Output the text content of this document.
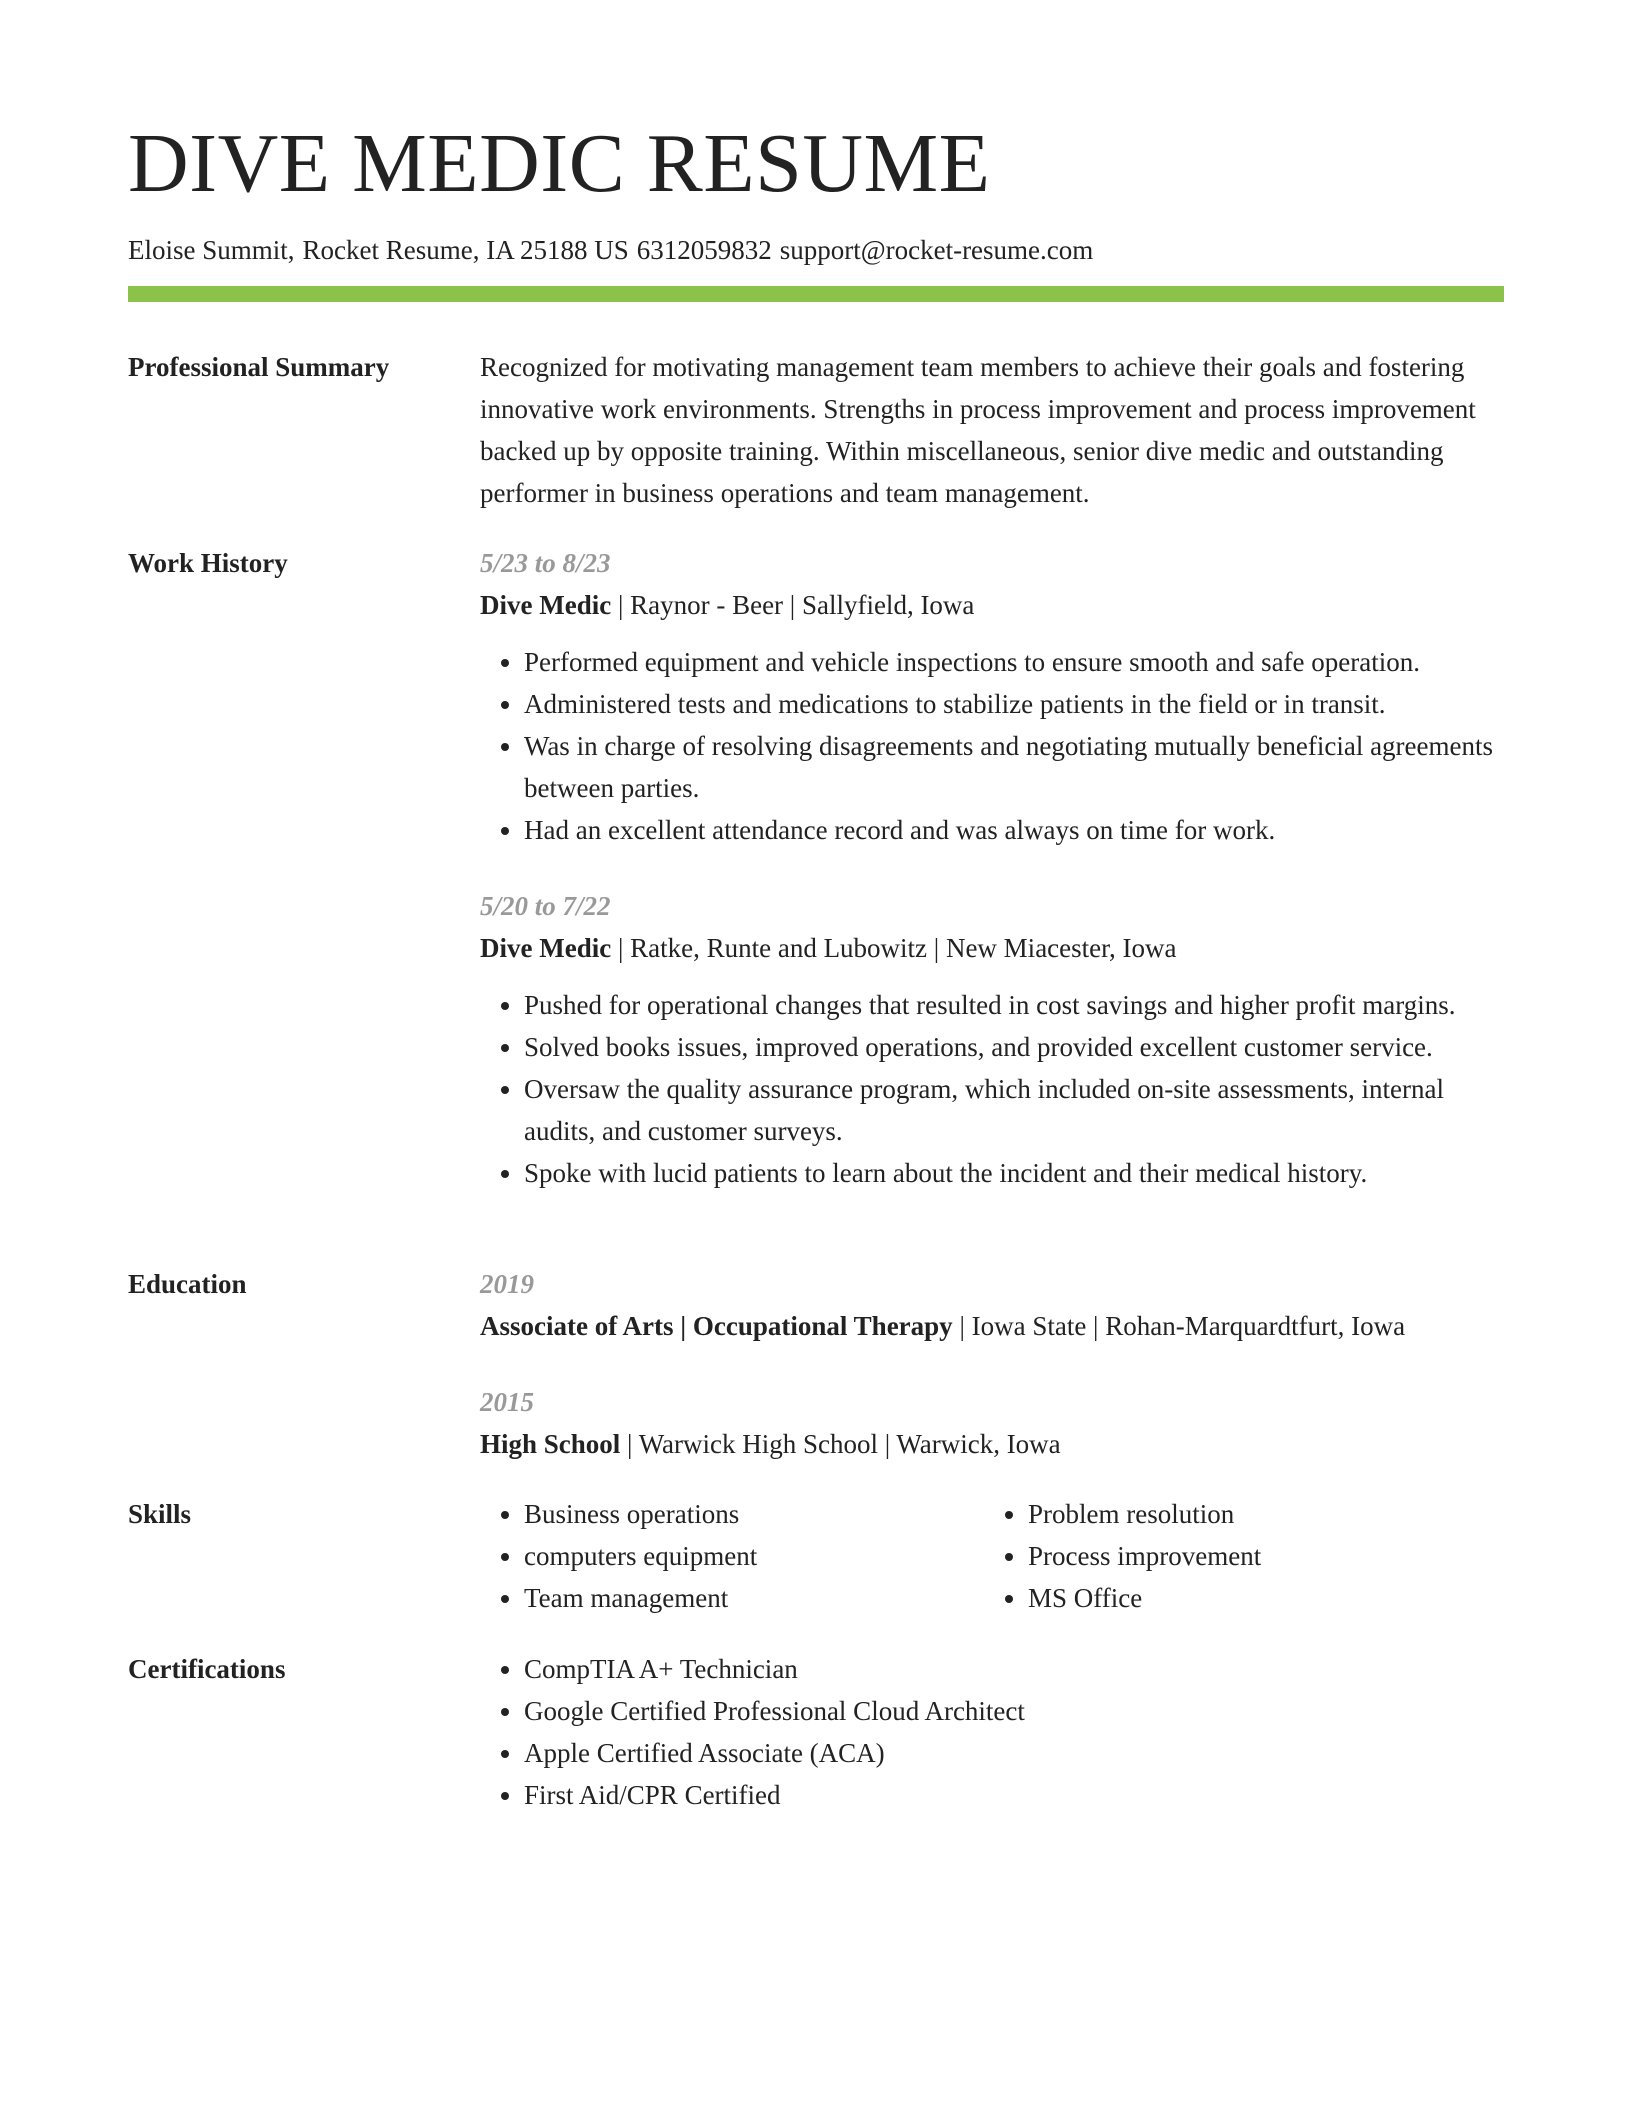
DIVE MEDIC RESUME
Eloise Summit, Rocket Resume, IA 25188 US 6312059832 support@rocket-resume.com
Professional Summary	Recognized for motivating management team members to achieve their goals and fostering innovative work environments. Strengths in process improvement and process improvement backed up by opposite training. Within miscellaneous, senior dive medic and outstanding performer in business operations and team management.

Work History	5/23 to 8/23
Dive Medic | Raynor - Beer | Sallyfield, Iowa
• Performed equipment and vehicle inspections to ensure smooth and safe operation.
• Administered tests and medications to stabilize patients in the field or in transit.
• Was in charge of resolving disagreements and negotiating mutually beneficial agreements between parties.
• Had an excellent attendance record and was always on time for work.
5/20 to 7/22
Dive Medic | Ratke, Runte and Lubowitz | New Miacester, Iowa
• Pushed for operational changes that resulted in cost savings and higher profit margins.
• Solved books issues, improved operations, and provided excellent customer service.
• Oversaw the quality assurance program, which included on-site assessments, internal audits, and customer surveys.
• Spoke with lucid patients to learn about the incident and their medical history.
Education	2019
Associate of Arts | Occupational Therapy | Iowa State | Rohan-Marquardtfurt, Iowa
2015
High School | Warwick High School | Warwick, Iowa
Skills	• Business operations
• computers equipment
• Team management
• Problem resolution
• Process improvement
• MS Office
Certifications	• CompTIA A+ Technician
• Google Certified Professional Cloud Architect
• Apple Certified Associate (ACA)
• First Aid/CPR Certified
